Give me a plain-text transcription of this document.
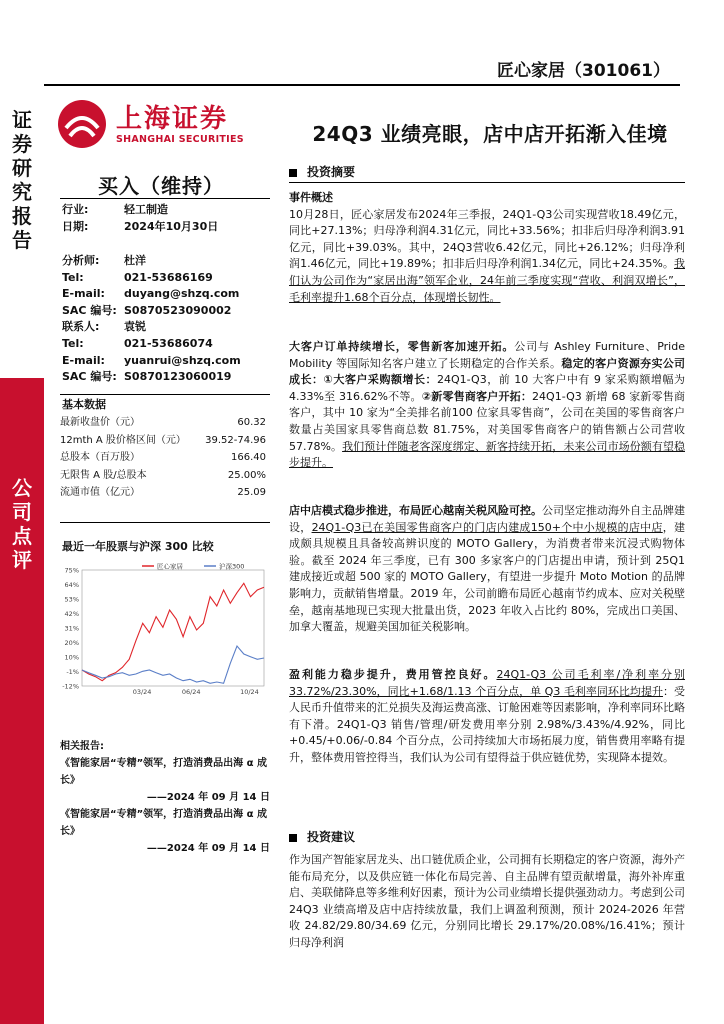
证券研究报告
公司点评
匠心家居（301061）
上海证券
SHANGHAI SECURITIES	24Q3 业绩亮眼，店中店开拓渐入佳境
买入（维持）
行业:	轻工制造
日期:	2024年10月30日
分析师: 杜洋
Tel:	021-53686169
E-mail: duyang@shzq.com
SAC 编号: S0870523090002
联系人: 袁锐
Tel:	021-53686074
E-mail: yuanrui@shzq.com
SAC 编号: S0870123060019
基本数据
最新收盘价（元）	60.32
12mth A 股价格区间（元） 39.52-74.96
总股本（百万股）	166.40
无限售 A 股/总股本	25.00%
流通市值（亿元）	25.09
最近一年股票与沪深 300 比较
75%
64%
53%
42%
31%
20%
10%
-1%
-12%
03/24	06/24	10/24
匠心家居	沪深300
相关报告:
《智能家居“专精”领军，打造消费品出海 α 成长》
——2024 年 09 月 14 日
《智能家居“专精”领军，打造消费品出海 α 成长》
——2024 年 09 月 14 日
投资摘要
事件概述
10月28日，匠心家居发布2024年三季报，24Q1-Q3公司实现营收18.49亿元，同比+27.13%；归母净利润4.31亿元，同比+33.56%；扣非后归母净利润3.91亿元，同比+39.03%。其中，24Q3营收6.42亿元，同比+26.12%；归母净利润1.46亿元，同比+19.89%；扣非后归母净利润1.34亿元，同比+24.35%。我们认为公司作为“家居出海”领军企业，24年前三季度实现“营收、利润双增长”，毛利率提升1.68个百分点，体现增长韧性。
大客户订单持续增长，零售新客加速开拓。公司与 Ashley Furniture、Pride Mobility 等国际知名客户建立了长期稳定的合作关系。稳定的客户资源夯实公司成长：①大客户采购额增长：24Q1-Q3，前 10 大客户中有 9 家采购额增幅为 4.33%至 316.62%不等。②新零售商客户开拓：24Q1-Q3 新增 68 家新零售商客户，其中 10 家为“全美排名前100 位家具零售商”，公司在美国的零售商客户数量占美国家具零售商总数 81.75%，对美国零售商客户的销售额占公司营收 57.78%。我们预计伴随老客深度绑定、新客持续开拓，未来公司市场份额有望稳步提升。
店中店模式稳步推进，布局匠心越南关税风险可控。公司坚定推动海外自主品牌建设，24Q1-Q3已在美国零售商客户的门店内建成150+个中小规模的店中店，建成颇具规模且具备较高辨识度的 MOTO Gallery，为消费者带来沉浸式购物体验。截至 2024 年三季度，已有 300 多家客户的门店提出申请，预计到 25Q1 建成接近或超 500 家的 MOTO Gallery，有望进一步提升 Moto Motion 的品牌影响力，贡献销售增量。2019 年，公司前瞻布局匠心越南节约成本、应对关税壁垒，越南基地现已实现大批量出货，2023 年收入占比约 80%，完成出口美国、加拿大覆盖，规避美国加征关税影响。
盈利能力稳步提升，费用管控良好。24Q1-Q3 公司毛利率/净利率分别 33.72%/23.30%，同比+1.68/1.13 个百分点，单 Q3 毛利率同环比均提升：受人民币升值带来的汇兑损失及海运费高涨、订舱困难等因素影响，净利率同环比略有下滑。24Q1-Q3 销售/管理/研发费用率分别 2.98%/3.43%/4.92%，同比+0.45/+0.06/-0.84 个百分点，公司持续加大市场拓展力度，销售费用率略有提升，整体费用管控得当，我们认为公司有望得益于供应链优势，实现降本提效。
投资建议
作为国产智能家居龙头、出口链优质企业，公司拥有长期稳定的客户资源，海外产能布局充分，以及供应链一体化布局完善、自主品牌有望贡献增量，海外补库重启、美联储降息等多维利好因素，预计为公司业绩增长提供强劲动力。考虑到公司 24Q3 业绩高增及店中店持续放量，我们上调盈利预测，预计 2024-2026 年营收 24.82/29.80/34.69 亿元，分别同比增长 29.17%/20.08%/16.41%；预计归母净利润
